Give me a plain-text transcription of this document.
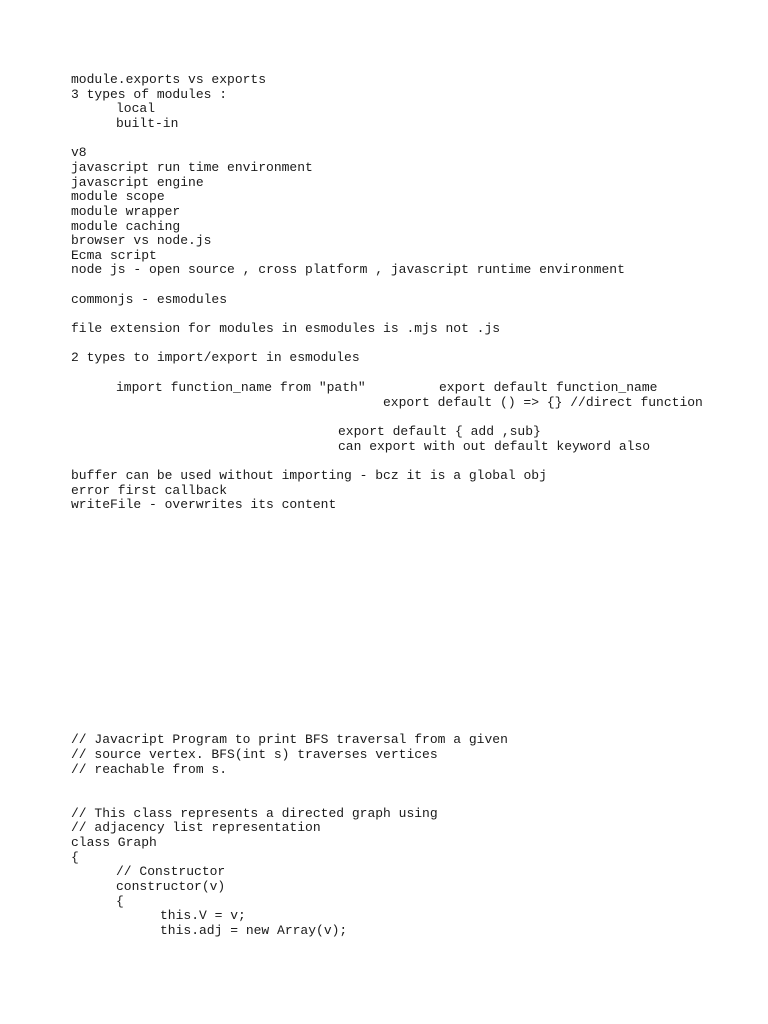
module.exports vs exports
3 types of modules :
local
built-in
v8
javascript run time environment
javascript engine
module scope
module wrapper
module caching
browser vs node.js
Ecma script
node js - open source , cross platform , javascript runtime environment
commonjs - esmodules
file extension for modules in esmodules is .mjs not .js
2 types to import/export in esmodules
import function_name from "path"	export default function_name
export default () => {} //direct function
export default { add ,sub}
can export with out default keyword also
buffer can be used without importing - bcz it is a global obj
error first callback
writeFile - overwrites its content
// Javacript Program to print BFS traversal from a given
// source vertex. BFS(int s) traverses vertices
// reachable from s.
// This class represents a directed graph using
// adjacency list representation
class Graph
{
// Constructor
constructor(v)
{
this.V = v;
this.adj = new Array(v);
